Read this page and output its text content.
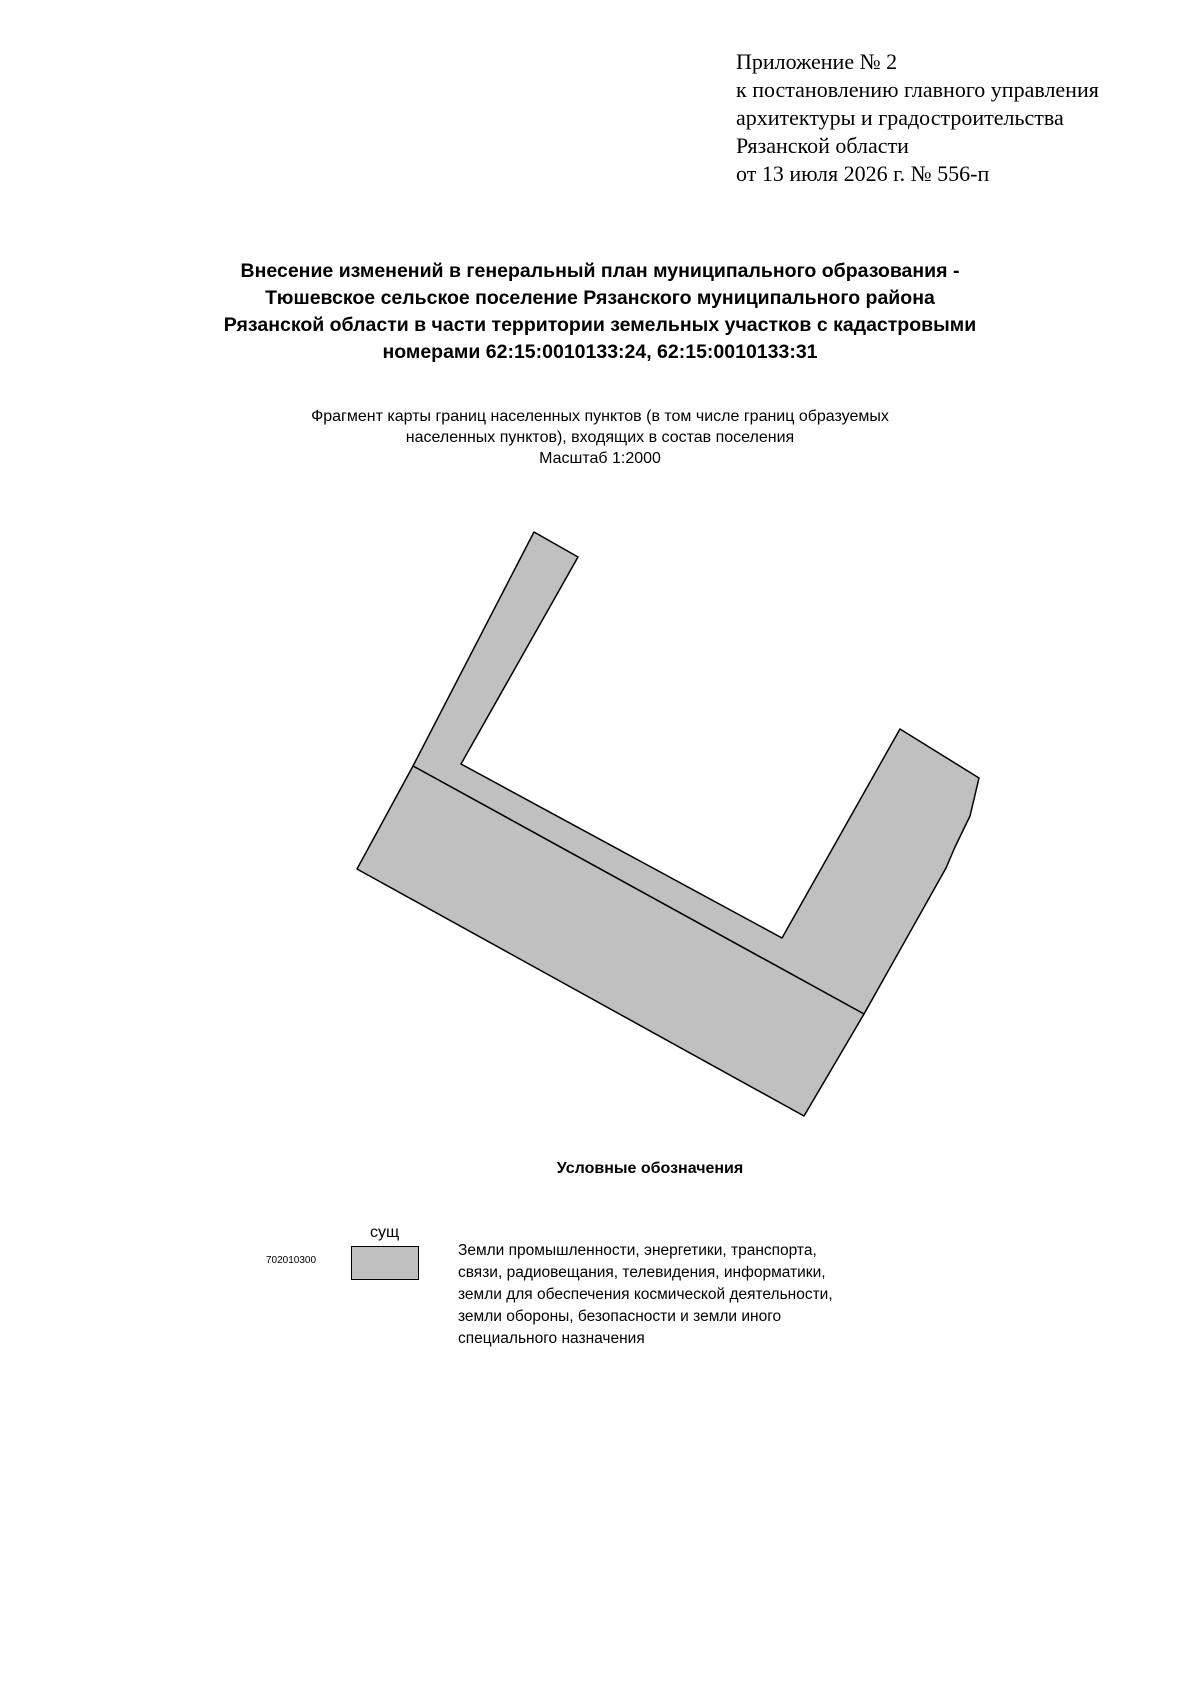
Приложение № 2
к постановлению главного управления
архитектуры и градостроительства
Рязанской области
от 13 июля 2026 г. № 556-п
Внесение изменений в генеральный план муниципального образования -
Тюшевское сельское поселение Рязанского муниципального района
Рязанской области в части территории земельных участков с кадастровыми
номерами 62:15:0010133:24, 62:15:0010133:31
Фрагмент карты границ населенных пунктов (в том числе границ образуемых
населенных пунктов), входящих в состав поселения
Масштаб 1:2000
Условные обозначения
702010300
сущ
Земли промышленности, энергетики, транспорта,
связи, радиовещания, телевидения, информатики,
земли для обеспечения космической деятельности,
земли обороны, безопасности и земли иного
специального назначения
